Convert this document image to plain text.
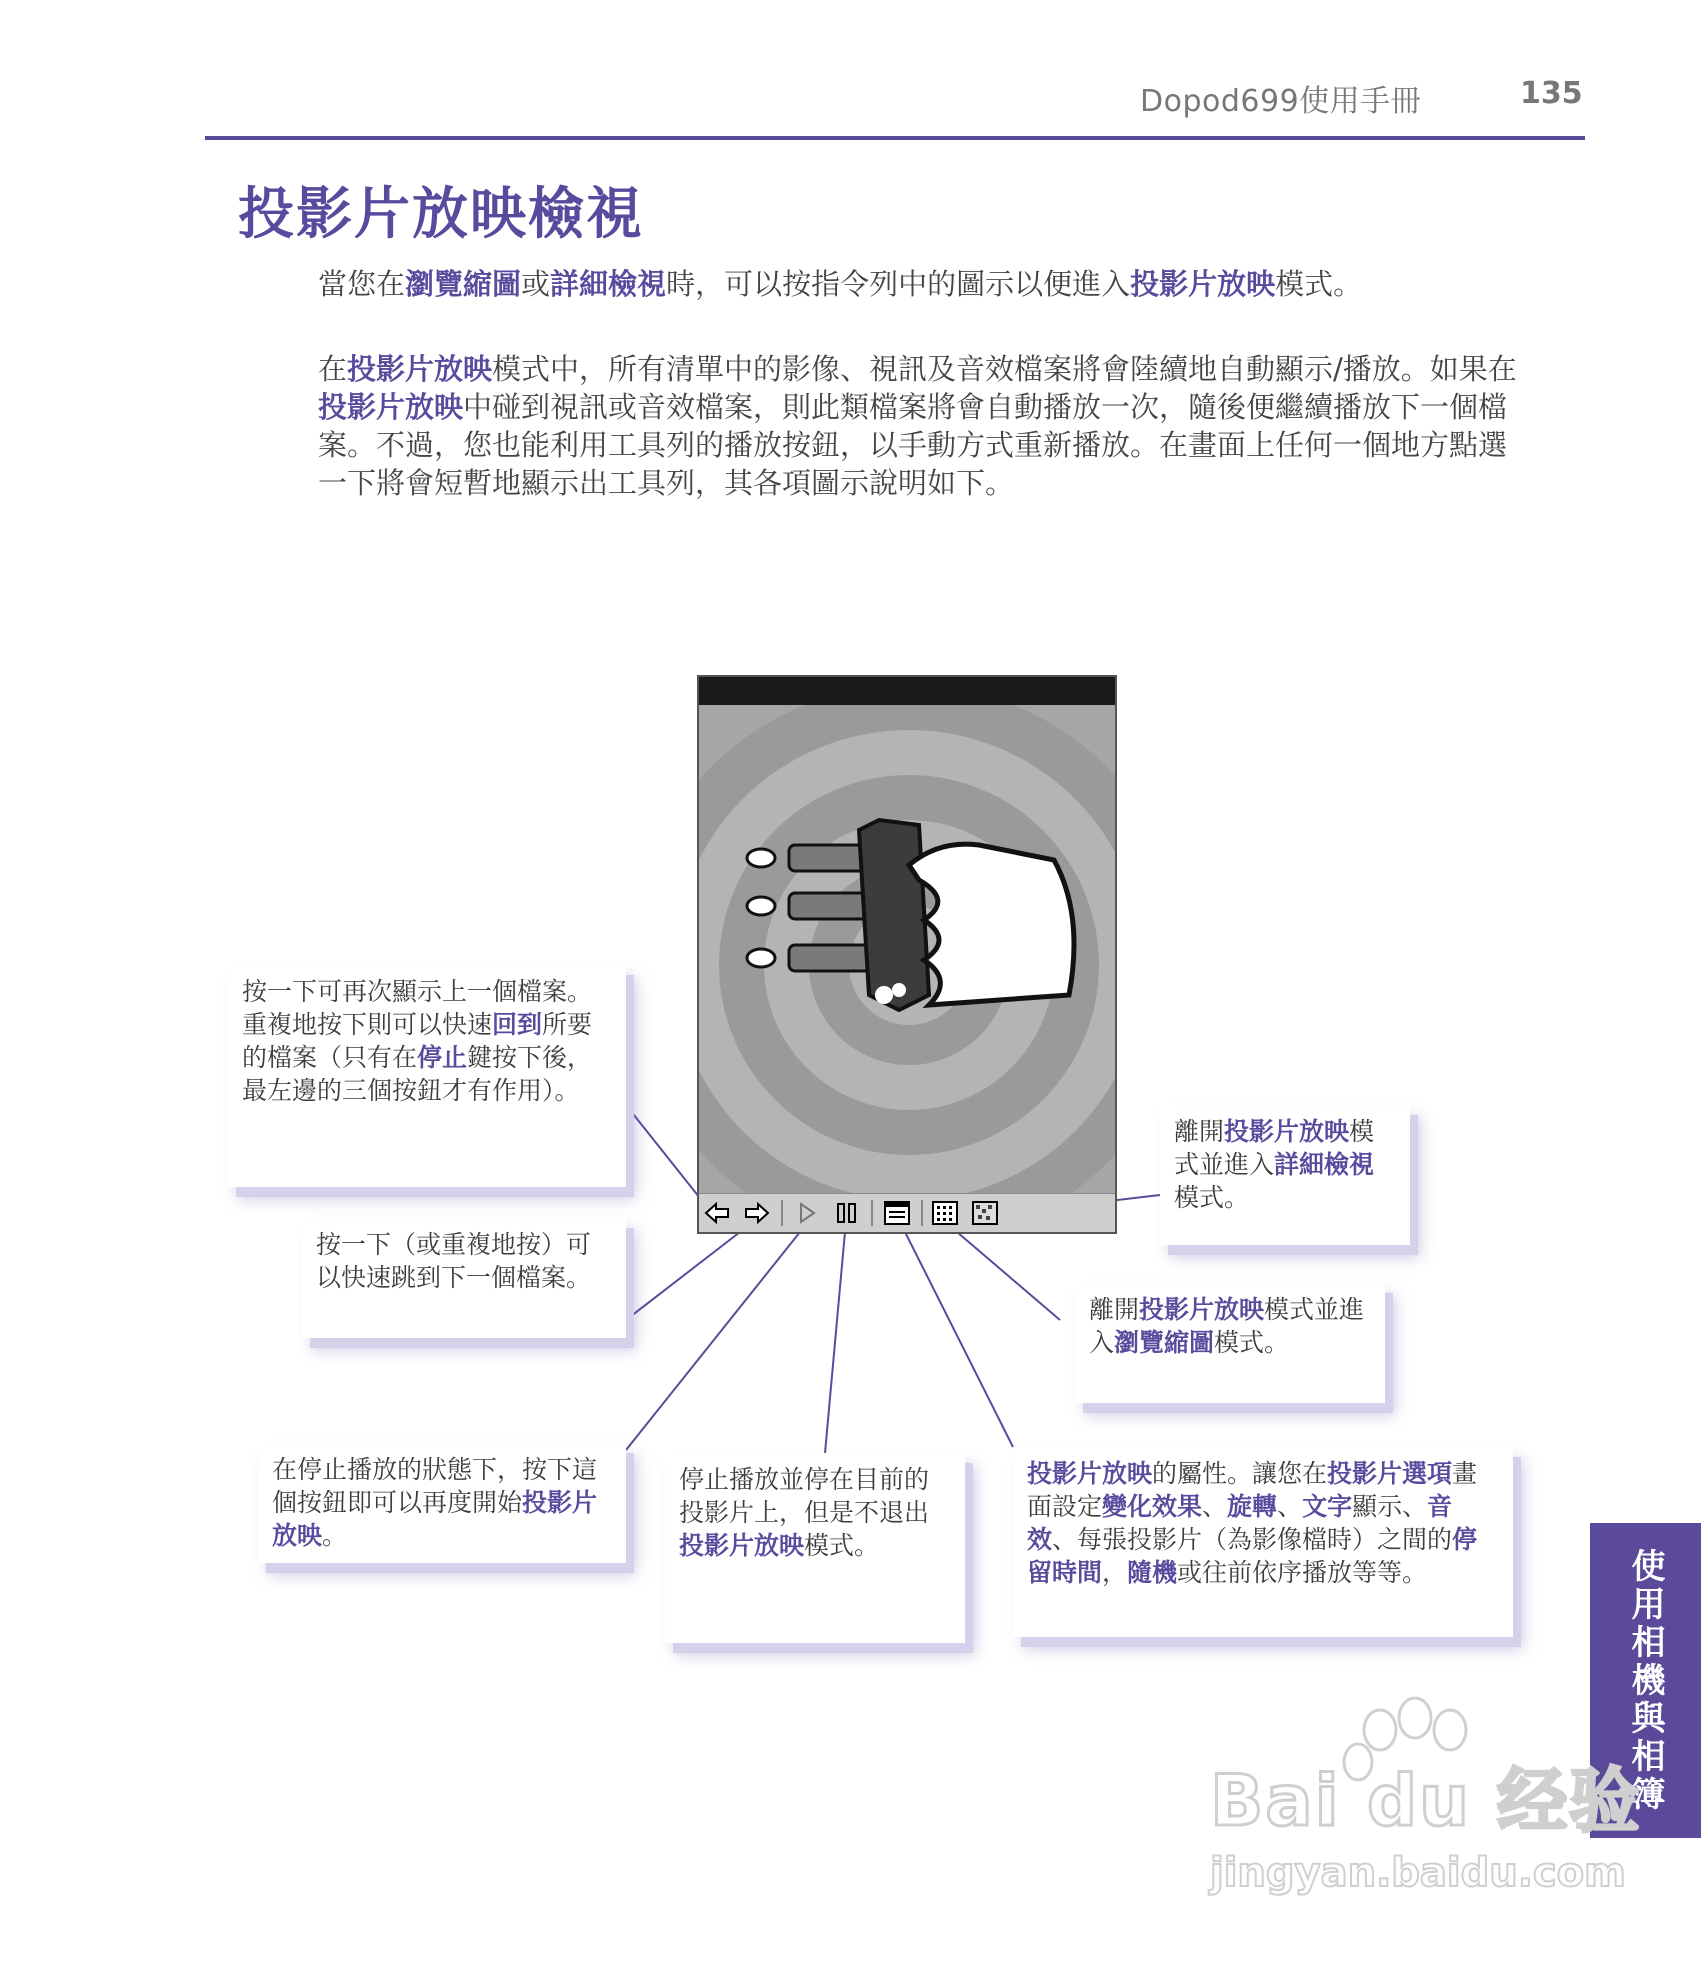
Dopod699使用手冊	135
投影片放映檢視
當您在瀏覽縮圖或詳細檢視時，可以按指令列中的圖示以便進入投影片放映模式。
在投影片放映模式中，所有清單中的影像、視訊及音效檔案將會陸續地自動顯示/播放。如果在投影片放映中碰到視訊或音效檔案，則此類檔案將會自動播放一次，隨後便繼續播放下一個檔案。不過，您也能利用工具列的播放按鈕，以手動方式重新播放。在畫面上任何一個地方點選一下將會短暫地顯示出工具列，其各項圖示說明如下。
按一下可再次顯示上一個檔案。重複地按下則可以快速回到所要的檔案（只有在停止鍵按下後，最左邊的三個按鈕才有作用）。
按一下（或重複地按）可以快速跳到下一個檔案。
在停止播放的狀態下，按下這個按鈕即可以再度開始投影片放映。
停止播放並停在目前的投影片上，但是不退出投影片放映模式。
投影片放映的屬性。讓您在投影片選項畫面設定變化效果、旋轉、文字顯示、音效、每張投影片（為影像檔時）之間的停留時間，隨機或往前依序播放等等。
離開投影片放映模式並進入詳細檢視模式。
離開投影片放映模式並進入瀏覽縮圖模式。
使用相機與相簿
Bai du 经验
jingyan.baidu.com
